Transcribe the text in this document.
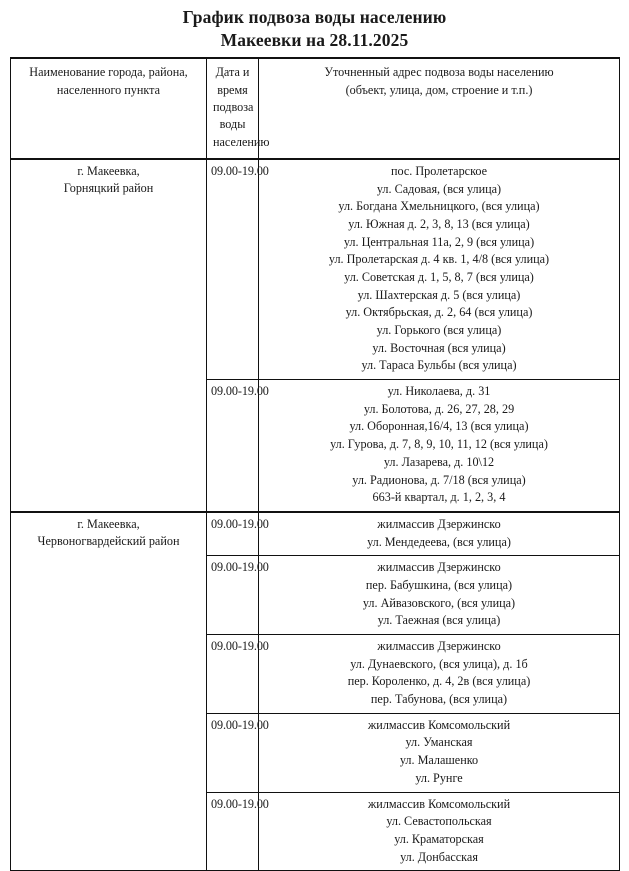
График подвоза воды населению
Макеевки на 28.11.2025
Наименование города, района,
населенного пункта	Дата и время
подвоза воды
населению	Уточненный адрес подвоза воды населению
(объект, улица, дом, строение и т.п.)
г. Макеевка,
Горняцкий район	09.00-19.00	пос. Пролетарское
ул. Садовая, (вся улица)
ул. Богдана Хмельницкого, (вся улица)
ул. Южная д. 2, 3, 8, 13 (вся улица)
ул. Центральная 11а, 2, 9 (вся улица)
ул. Пролетарская д. 4 кв. 1, 4/8 (вся улица)
ул. Советская д. 1, 5, 8, 7 (вся улица)
ул. Шахтерская д. 5 (вся улица)
ул. Октябрьская, д. 2, 64 (вся улица)
ул. Горького (вся улица)
ул. Восточная (вся улица)
ул. Тараса Бульбы (вся улица)

09.00-19.00	ул. Николаева, д. 31
ул. Болотова, д. 26, 27, 28, 29
ул. Оборонная,16/4, 13 (вся улица)
ул. Гурова, д. 7, 8, 9, 10, 11, 12 (вся улица)
ул. Лазарева, д. 10\12
ул. Радионова, д. 7/18 (вся улица)
663-й квартал, д. 1, 2, 3, 4

г. Макеевка,
Червоногвардейский район	09.00-19.00	жилмассив Дзержинско
ул. Мендедеева, (вся улица)

	09.00-19.00	жилмассив Дзержинско
пер. Бабушкина, (вся улица)
ул. Айвазовского, (вся улица)
ул. Таежная (вся улица)

	09.00-19.00	жилмассив Дзержинско
ул. Дунаевского, (вся улица), д. 1б
пер. Короленко, д. 4, 2в (вся улица)
пер. Табунова, (вся улица)

	09.00-19.00	жилмассив Комсомольский
ул. Уманская
ул. Малашенко
ул. Рунге

	09.00-19.00	жилмассив Комсомольский
ул. Севастопольская
ул. Краматорская
ул. Донбасская
